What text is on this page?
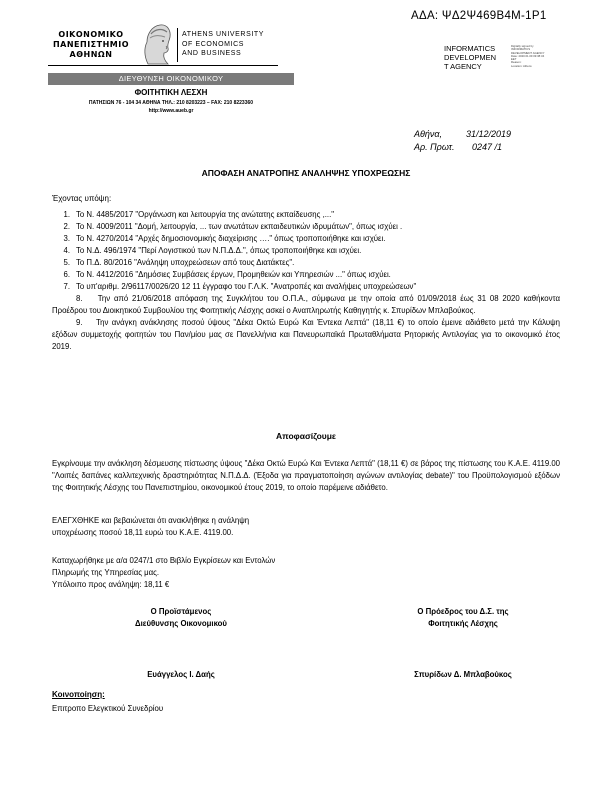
ΑΔΑ: ΨΔ2Ψ469Β4Μ-1Ρ1
ΟΙΚΟΝΟΜΙΚΟ
ΠΑΝΕΠΙΣΤΗΜΙΟ
ΑΘΗΝΩΝ
ATHENS UNIVERSITY
OF ECONOMICS
AND BUSINESS
ΔΙΕΥΘΥΝΣΗ ΟΙΚΟΝΟΜΙΚΟΥ
ΦΟΙΤΗΤΙΚΗ ΛΕΣΧΗ
ΠΑΤΗΣΙΩΝ 76 - 104 34 ΑΘΗΝΑ ΤΗΛ.: 210 8203223 – FAX: 210 8223360
http://www.aueb.gr
INFORMATICS
DEVELOPMEN
T AGENCY
Digitally signed by
INFORMATICS
DEVELOPMENT AGENCY
Date: 2020.01.09 09:38:34
EET
Reason:
Location: Athens
Αθήνα,	31/12/2019
Αρ. Πρωτ. 0247 /1
ΑΠΟΦΑΣΗ ΑΝΑΤΡΟΠΗΣ ΑΝΑΛΗΨΗΣ ΥΠΟΧΡΕΩΣΗΣ
Έχοντας υπόψη:
1. Το Ν. 4485/2017 "Οργάνωση και λειτουργία της ανώτατης εκπαίδευσης ,..."
2. Το Ν. 4009/2011 "Δομή, λειτουργία, ... των ανωτάτων εκπαιδευτικών ιδρυμάτων", όπως ισχύει .
3. Το Ν. 4270/2014 "Αρχές δημοσιονομικής διαχείρισης …." όπως τροποποιήθηκε και ισχύει.
4. Το Ν.Δ. 496/1974 "Περί Λογιστικού των Ν.Π.Δ.Δ.", όπως τροποποιήθηκε και ισχύει.
5. Το Π.Δ. 80/2016 "Ανάληψη υποχρεώσεων από τους Διατάκτες".
6. Το Ν. 4412/2016 "Δημόσιες Συμβάσεις έργων, Προμηθειών και Υπηρεσιών ..." όπως ισχύει.
7. Το υπ'αριθμ. 2/96117/0026/20 12 11 έγγραφο του Γ.Λ.Κ. "Ανατροπές και αναλήψεις υποχρεώσεων"
8. Την από 21/06/2018 απόφαση της Συγκλήτου του Ο.Π.Α., σύμφωνα με την οποία από 01/09/2018 έως 31 08 2020 καθήκοντα Προέδρου του Διοικητικού Συμβουλίου της Φοιτητικής Λέσχης ασκεί ο Αναπληρωτής Καθηγητής κ. Σπυρίδων Μπλαβούκος.
9. Την ανάγκη ανάκλησης ποσού ύψους "Δέκα Οκτώ Ευρώ Και Έντεκα Λεπτά" (18,11 €) το οποίο έμεινε αδιάθετο μετά την Κάλυψη εξόδων συμμετοχής φοιτητών του Παν/μίου μας σε Πανελλήνια και Πανευρωπαϊκά Πρωταθλήματα Ρητορικής Αντιλογίας για το οικονομικό έτος 2019.
Αποφασίζουμε
Εγκρίνουμε την ανάκληση δέσμευσης πίστωσης ύψους "Δέκα Οκτώ Ευρώ Και Έντεκα Λεπτά" (18,11 €) σε βάρος της πίστωσης του Κ.Α.Ε. 4119.00 "Λοιπές δαπάνες καλλιτεχνικής δραστηριότητας Ν.Π.Δ.Δ. (Έξοδα για πραγματοποίηση αγώνων αντιλογίας debate)" του Προϋπολογισμού εξόδων της Φοιτητικής Λέσχης του Πανεπιστημίου, οικονομικού έτους 2019, το οποίο παρέμεινε αδιάθετο.
ΕΛΕΓΧΘΗΚΕ και βεβαιώνεται ότι ανακλήθηκε η ανάληψη
υποχρέωσης ποσού 18,11 ευρώ του Κ.Α.Ε. 4119.00.
Καταχωρήθηκε με α/α 0247/1 στο Βιβλίο Εγκρίσεων και Εντολών
Πληρωμής της Υπηρεσίας μας.
Υπόλοιπο προς ανάληψη: 18,11 €
Ο Προϊστάμενος
Διεύθυνσης Οικονομικού
Ο Πρόεδρος του Δ.Σ. της
Φοιτητικής Λέσχης
Ευάγγελος Ι. Δαής	Σπυρίδων Δ. Μπλαβούκος
Κοινοποίηση:
Επιτροπο Ελεγκτικού Συνεδρίου
